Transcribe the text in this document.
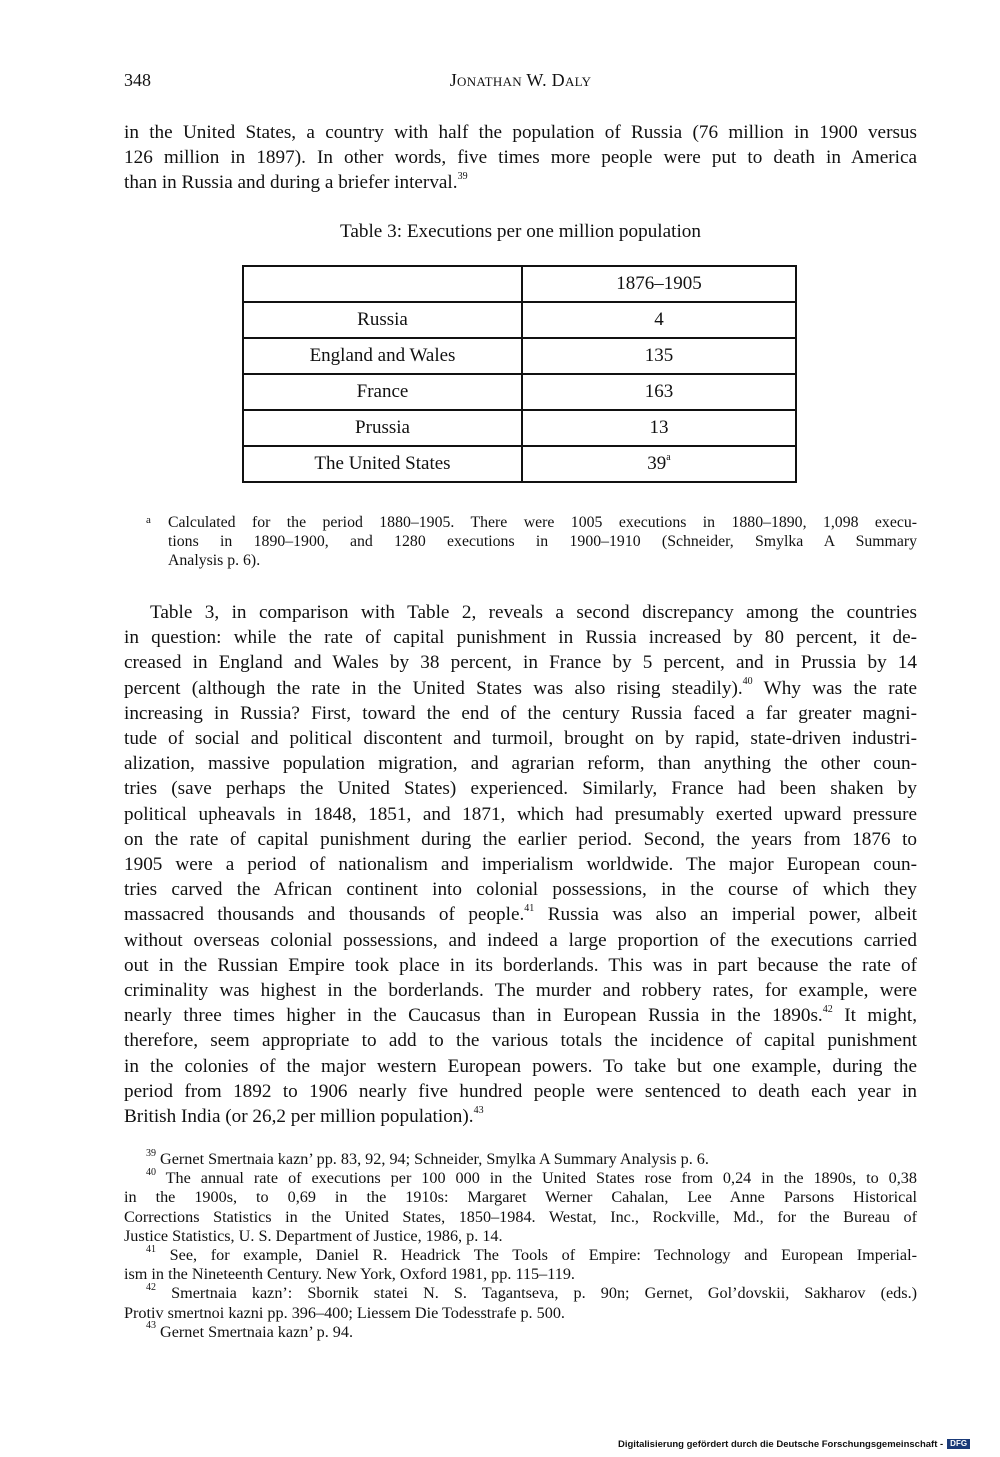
348	Jonathan W. Daly
in the United States, a country with half the population of Russia (76 million in 1900 versus
126 million in 1897). In other words, five times more people were put to death in America
than in Russia and during a briefer interval.$^{39}$
Table 3: Executions per one million population
	1876–1905
Russia	4
England and Wales	135
France	163
Prussia	13
The United States	39$^a$
a Calculated for the period 1880–1905. There were 1005 executions in 1880–1890, 1,098 execu-
tions in 1890–1900, and 1280 executions in 1900–1910 (Schneider, Smylka A Summary
Analysis p. 6).
Table 3, in comparison with Table 2, reveals a second discrepancy among the countries
in question: while the rate of capital punishment in Russia increased by 80 percent, it de-
creased in England and Wales by 38 percent, in France by 5 percent, and in Prussia by 14
percent (although the rate in the United States was also rising steadily).$^{40}$ Why was the rate
increasing in Russia? First, toward the end of the century Russia faced a far greater magni-
tude of social and political discontent and turmoil, brought on by rapid, state-driven industri-
alization, massive population migration, and agrarian reform, than anything the other coun-
tries (save perhaps the United States) experienced. Similarly, France had been shaken by
political upheavals in 1848, 1851, and 1871, which had presumably exerted upward pressure
on the rate of capital punishment during the earlier period. Second, the years from 1876 to
1905 were a period of nationalism and imperialism worldwide. The major European coun-
tries carved the African continent into colonial possessions, in the course of which they
massacred thousands and thousands of people.$^{41}$ Russia was also an imperial power, albeit
without overseas colonial possessions, and indeed a large proportion of the executions carried
out in the Russian Empire took place in its borderlands. This was in part because the rate of
criminality was highest in the borderlands. The murder and robbery rates, for example, were
nearly three times higher in the Caucasus than in European Russia in the 1890s.$^{42}$ It might,
therefore, seem appropriate to add to the various totals the incidence of capital punishment
in the colonies of the major western European powers. To take but one example, during the
period from 1892 to 1906 nearly five hundred people were sentenced to death each year in
British India (or 26,2 per million population).$^{43}$
$^{39}$ Gernet Smertnaia kazn’ pp. 83, 92, 94; Schneider, Smylka A Summary Analysis p. 6.
$^{40}$ The annual rate of executions per 100 000 in the United States rose from 0,24 in the 1890s, to 0,38
in the 1900s, to 0,69 in the 1910s: Margaret Werner Cahalan, Lee Anne Parsons Historical
Corrections Statistics in the United States, 1850–1984. Westat, Inc., Rockville, Md., for the Bureau of
Justice Statistics, U. S. Department of Justice, 1986, p. 14.
$^{41}$ See, for example, Daniel R. Headrick The Tools of Empire: Technology and European Imperial-
ism in the Nineteenth Century. New York, Oxford 1981, pp. 115–119.
$^{42}$ Smertnaia kazn’: Sbornik statei N. S. Tagantseva, p. 90n; Gernet, Gol’dovskii, Sakharov (eds.)
Protiv smertnoi kazni pp. 396–400; Liessem Die Todesstrafe p. 500.
$^{43}$ Gernet Smertnaia kazn’ p. 94.
Digitalisierung gefördert durch die Deutsche Forschungsgemeinschaft - DFG
